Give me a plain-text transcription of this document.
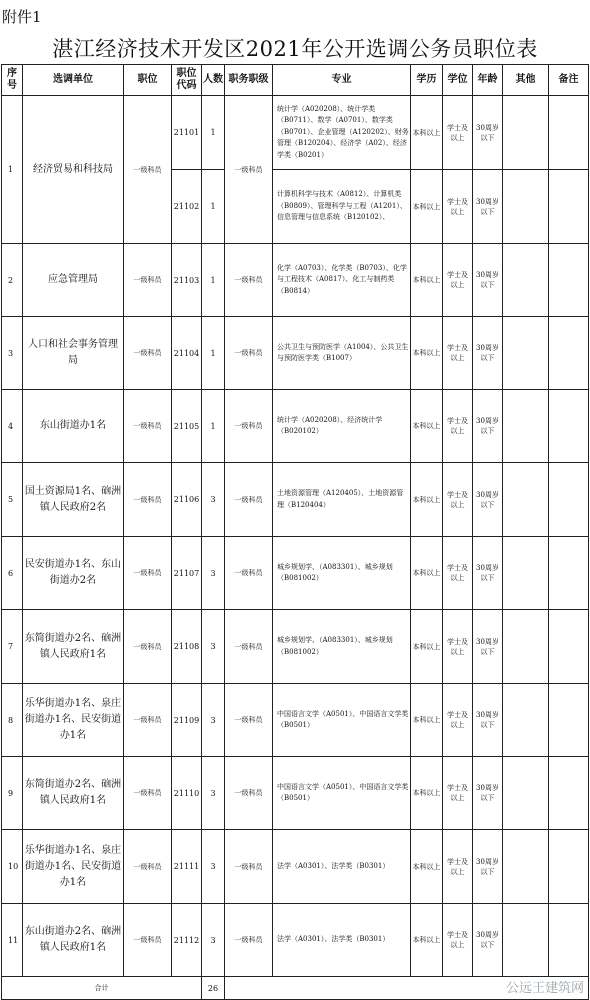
附件1
湛江经济技术开发区2021年公开选调公务员职位表
序号	选调单位	职位	职位代码	人数	职务职级	专业	学历	学位	年龄	其他	备注
1	经济贸易和科技局	一级科员	21101	1	一级科员	统计学（A020208）、统计学类（B0711）、数学（A0701）、数学类（B0701）、企业管理（A120202）、财务管理（B120204）、经济学（A02）、经济学类（B0201）	本科以上	学士及以上	30周岁以下		
			21102	1		计算机科学与技术（A0812）、计算机类（B0809）、管理科学与工程（A1201）、信息管理与信息系统（B120102）、	本科以上	学士及以上	30周岁以下		
2	应急管理局	一级科员	21103	1	一级科员	化学（A0703）、化学类（B0703）、化学与工程技术（A0817）、化工与制药类（B0814）	本科以上	学士及以上	30周岁以下		
3	人口和社会事务管理局	一级科员	21104	1	一级科员	公共卫生与预防医学（A1004）、公共卫生与预防医学类（B1007）	本科以上	学士及以上	30周岁以下		
4	东山街道办1名	一级科员	21105	1	一级科员	统计学（A020208）、经济统计学（B020102）	本科以上	学士及以上	30周岁以下		
5	国土资源局1名、硇洲镇人民政府2名	一级科员	21106	3	一级科员	土地资源管理（A120405）、土地资源管理（B120404）	本科以上	学士及以上	30周岁以下		
6	民安街道办1名、东山街道办2名	一级科员	21107	3	一级科员	城乡规划学、（A083301）、城乡规划（B081002）	本科以上	学士及以上	30周岁以下		
7	东简街道办2名、硇洲镇人民政府1名	一级科员	21108	3	一级科员	城乡规划学、（A083301）、城乡规划（B081002）	本科以上	学士及以上	30周岁以下		
8	乐华街道办1名、泉庄街道办1名、民安街道办1名	一级科员	21109	3	一级科员	中国语言文学（A0501）、中国语言文学类（B0501）	本科以上	学士及以上	30周岁以下		
9	东简街道办2名、硇洲镇人民政府1名	一级科员	21110	3	一级科员	中国语言文学（A0501）、中国语言文学类（B0501）	本科以上	学士及以上	30周岁以下		
10	乐华街道办1名、泉庄街道办1名、民安街道办1名	一级科员	21111	3	一级科员	法学（A0301）、法学类（B0301）	本科以上	学士及以上	30周岁以下		
11	东山街道办2名、硇洲镇人民政府1名	一级科员	21112	3	一级科员	法学（A0301）、法学类（B0301）	本科以上	学士及以上	30周岁以下		
合计				26								公远王建筑网
